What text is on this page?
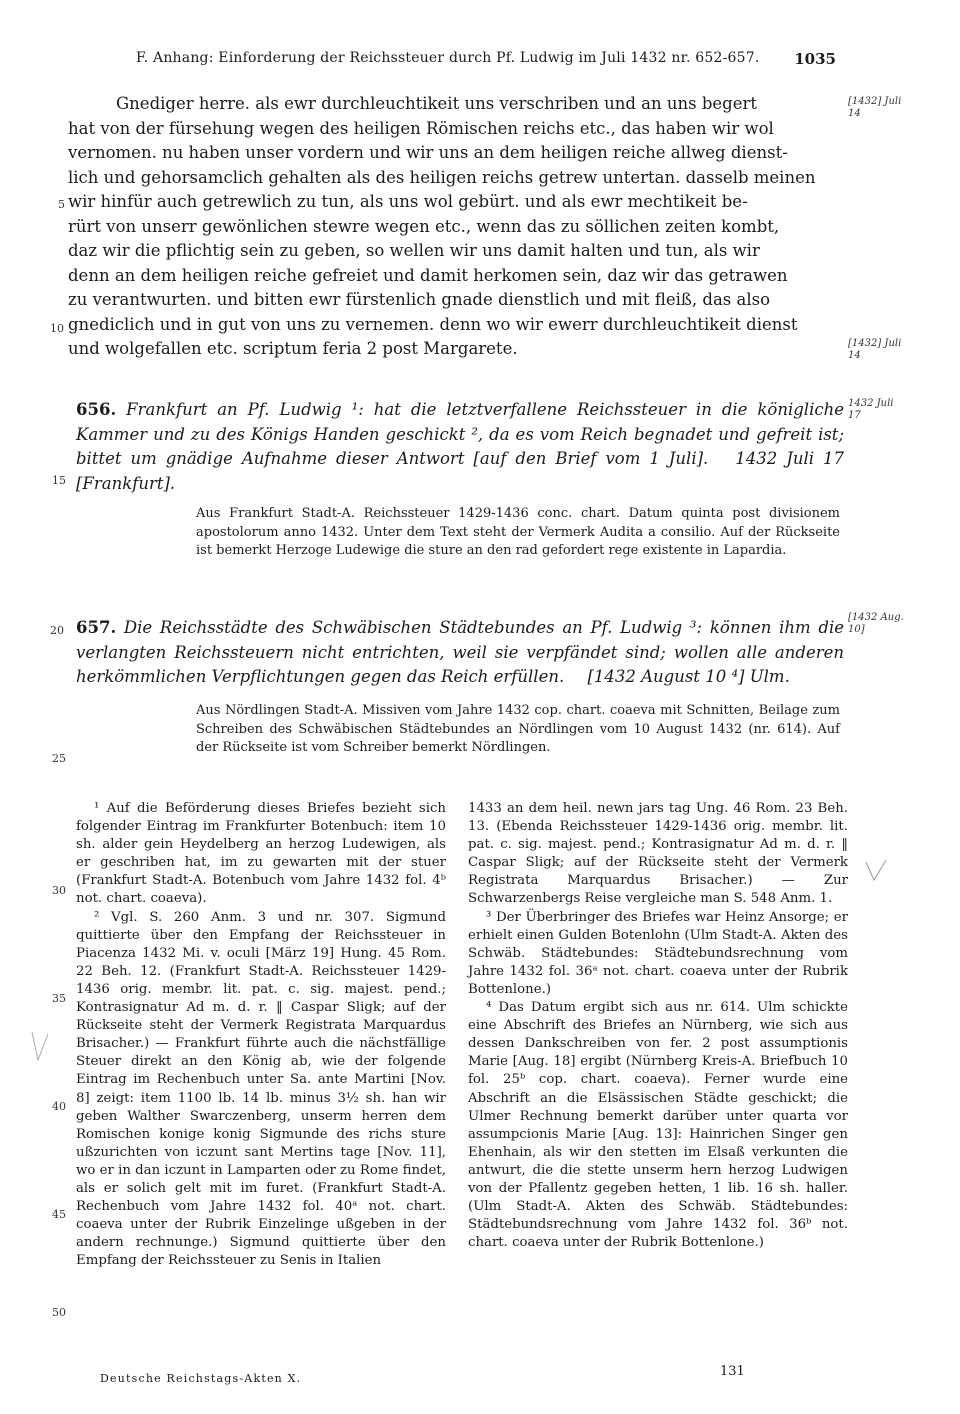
F. Anhang: Einforderung der Reichssteuer durch Pf. Ludwig im Juli 1432 nr. 652-657. 1035

Gnediger herre. als ewr durchleuchtikeit uns verschriben und an uns begert

hat von der fürsehung wegen des heiligen Römischen reichs etc., das haben wir wol

vernomen. nu haben unser vordern und wir uns an dem heiligen reiche allweg dienst-

lich und gehorsamclich gehalten als des heiligen reichs getrew untertan. dasselb meinen

wir hinfür auch getrewlich zu tun, als uns wol gebürt. und als ewr mechtikeit be-

rürt von unserr gewönlichen stewre wegen etc., wenn das zu söllichen zeiten kombt,

daz wir die pflichtig sein zu geben, so wellen wir uns damit halten und tun, als wir

denn an dem heiligen reiche gefreiet und damit herkomen sein, daz wir das getrawen

zu verantwurten. und bitten ewr fürstenlich gnade dienstlich und mit fleiß, das also

gnediclich und in gut von uns zu vernemen. denn wo wir ewerr durchleuchtikeit dienst

und wolgefallen etc. scriptum feria 2 post Margarete.

[1432] Juli 14
[1432] Juli 14
5
10

656. Frankfurt an Pf. Ludwig ¹: hat die letztverfallene Reichssteuer in die königliche Kammer und zu des Königs Handen geschickt ², da es vom Reich begnadet und gefreit ist; bittet um gnädige Aufnahme dieser Antwort [auf den Brief vom 1 Juli]. 1432 Juli 17 [Frankfurt].

1432 Juli 17
15

Aus Frankfurt Stadt-A. Reichssteuer 1429-1436 conc. chart. Datum quinta post divisionem apostolorum anno 1432. Unter dem Text steht der Vermerk Audita a consilio. Auf der Rückseite ist bemerkt Herzoge Ludewige die sture an den rad gefordert rege existente in Lapardia.

657. Die Reichsstädte des Schwäbischen Städtebundes an Pf. Ludwig ³: können ihm die verlangten Reichssteuern nicht entrichten, weil sie verpfändet sind; wollen alle anderen herkömmlichen Verpflichtungen gegen das Reich erfüllen. [1432 August 10 ⁴] Ulm.

[1432 Aug. 10]
20
25

Aus Nördlingen Stadt-A. Missiven vom Jahre 1432 cop. chart. coaeva mit Schnitten, Beilage zum Schreiben des Schwäbischen Städtebundes an Nördlingen vom 10 August 1432 (nr. 614). Auf der Rückseite ist vom Schreiber bemerkt Nördlingen.

¹ Auf die Beförderung dieses Briefes bezieht sich folgender Eintrag im Frankfurter Botenbuch: item 10 sh. alder gein Heydelberg an herzog Ludewigen, als er geschriben hat, im zu gewarten mit der stuer (Frankfurt Stadt-A. Botenbuch vom Jahre 1432 fol. 4ᵇ not. chart. coaeva).

² Vgl. S. 260 Anm. 3 und nr. 307. Sigmund quittierte über den Empfang der Reichssteuer in Piacenza 1432 Mi. v. oculi [März 19] Hung. 45 Rom. 22 Beh. 12. (Frankfurt Stadt-A. Reichssteuer 1429-1436 orig. membr. lit. pat. c. sig. majest. pend.; Kontrasignatur Ad m. d. r. ‖ Caspar Sligk; auf der Rückseite steht der Vermerk Registrata Marquardus Brisacher.) — Frankfurt führte auch die nächstfällige Steuer direkt an den König ab, wie der folgende Eintrag im Rechenbuch unter Sa. ante Martini [Nov. 8] zeigt: item 1100 lb. 14 lb. minus 3½ sh. han wir geben Walther Swarczenberg, unserm herren dem Romischen konige konig Sigmunde des richs sture ußzurichten von iczunt sant Mertins tage [Nov. 11], wo er in dan iczunt in Lamparten oder zu Rome findet, als er solich gelt mit im furet. (Frankfurt Stadt-A. Rechenbuch vom Jahre 1432 fol. 40ᵃ not. chart. coaeva unter der Rubrik Einzelinge ußgeben in der andern rechnunge.) Sigmund quittierte über den Empfang der Reichssteuer zu Senis in Italien

30
35
40
45
50

1433 an dem heil. newn jars tag Ung. 46 Rom. 23 Beh. 13. (Ebenda Reichssteuer 1429-1436 orig. membr. lit. pat. c. sig. majest. pend.; Kontrasignatur Ad m. d. r. ‖ Caspar Sligk; auf der Rückseite steht der Vermerk Registrata Marquardus Brisacher.) — Zur Schwarzenbergs Reise vergleiche man S. 548 Anm. 1.

³ Der Überbringer des Briefes war Heinz Ansorge; er erhielt einen Gulden Botenlohn (Ulm Stadt-A. Akten des Schwäb. Städtebundes: Städtebundsrechnung vom Jahre 1432 fol. 36ᵃ not. chart. coaeva unter der Rubrik Bottenlone.)

⁴ Das Datum ergibt sich aus nr. 614. Ulm schickte eine Abschrift des Briefes an Nürnberg, wie sich aus dessen Dankschreiben von fer. 2 post assumptionis Marie [Aug. 18] ergibt (Nürnberg Kreis-A. Briefbuch 10 fol. 25ᵇ cop. chart. coaeva). Ferner wurde eine Abschrift an die Elsässischen Städte geschickt; die Ulmer Rechnung bemerkt darüber unter quarta vor assumpcionis Marie [Aug. 13]: Hainrichen Singer gen Ehenhain, als wir den stetten im Elsaß verkunten die antwurt, die die stette unserm hern herzog Ludwigen von der Pfallentz gegeben hetten, 1 lib. 16 sh. haller. (Ulm Stadt-A. Akten des Schwäb. Städtebundes: Städtebundsrechnung vom Jahre 1432 fol. 36ᵇ not. chart. coaeva unter der Rubrik Bottenlone.)

Deutsche Reichstags-Akten X.	131
